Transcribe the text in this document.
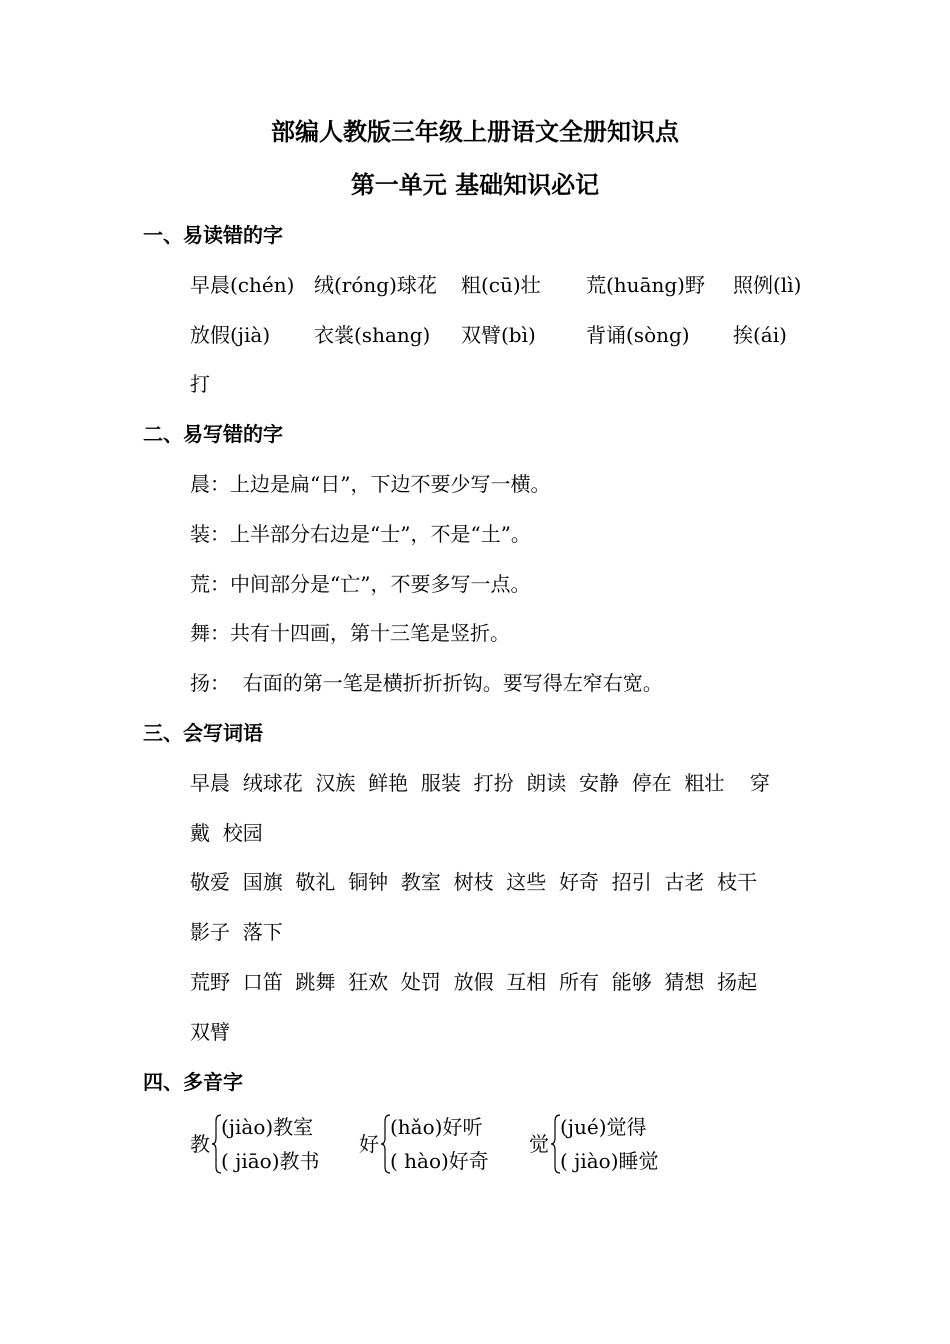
部编人教版三年级上册语文全册知识点
第一单元 基础知识必记
一、易读错的字
早晨(chén) 绒(róng)球花 粗(cū)壮 荒(huāng)野 照例(lì)
放假(jià) 衣裳(shang) 双臂(bì)	背诵(sòng) 挨(ái)
打
二、易写错的字
晨：上边是扁“日”，下边不要少写一横。
装：上半部分右边是“士”，不是“土”。
荒：中间部分是“亡”，不要多写一点。
舞：共有十四画，第十三笔是竖折。
扬：  右面的第一笔是横折折折钩。要写得左窄右宽。
三、会写词语
早晨  绒球花  汉族  鲜艳  服装  打扮  朗读  安静  停在  粗壮    穿
戴  校园
敬爱  国旗  敬礼  铜钟  教室  树枝  这些  好奇  招引  古老  枝干
影子  落下
荒野  口笛  跳舞  狂欢  处罚  放假  互相  所有  能够  猜想  扬起
双臂
四、多音字
教
(jiào)教室
( jiāo)教书
好
(hǎo)好听
( hào)好奇
觉
(jué)觉得
( jiào)睡觉
